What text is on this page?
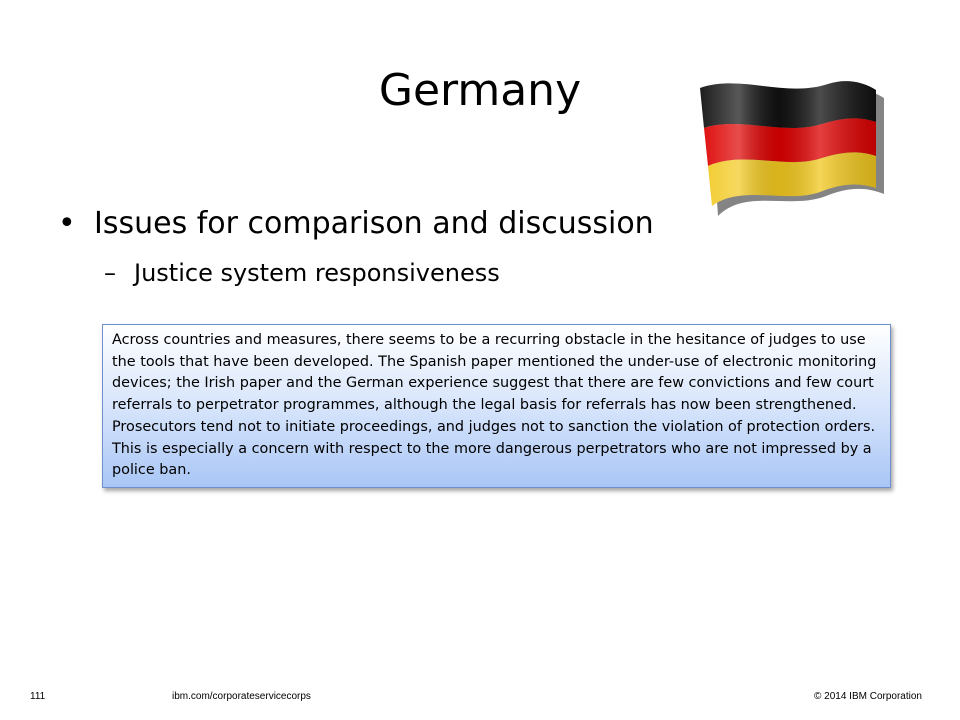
Germany
• Issues for comparison and discussion
– Justice system responsiveness
Across countries and measures, there seems to be a recurring obstacle in the hesitance of judges to use the tools that have been developed. The Spanish paper mentioned the under-use of electronic monitoring devices; the Irish paper and the German experience suggest that there are few convictions and few court referrals to perpetrator programmes, although the legal basis for referrals has now been strengthened. Prosecutors tend not to initiate proceedings, and judges not to sanction the violation of protection orders. This is especially a concern with respect to the more dangerous perpetrators who are not impressed by a police ban.
111	ibm.com/corporateservicecorps	© 2014 IBM Corporation
